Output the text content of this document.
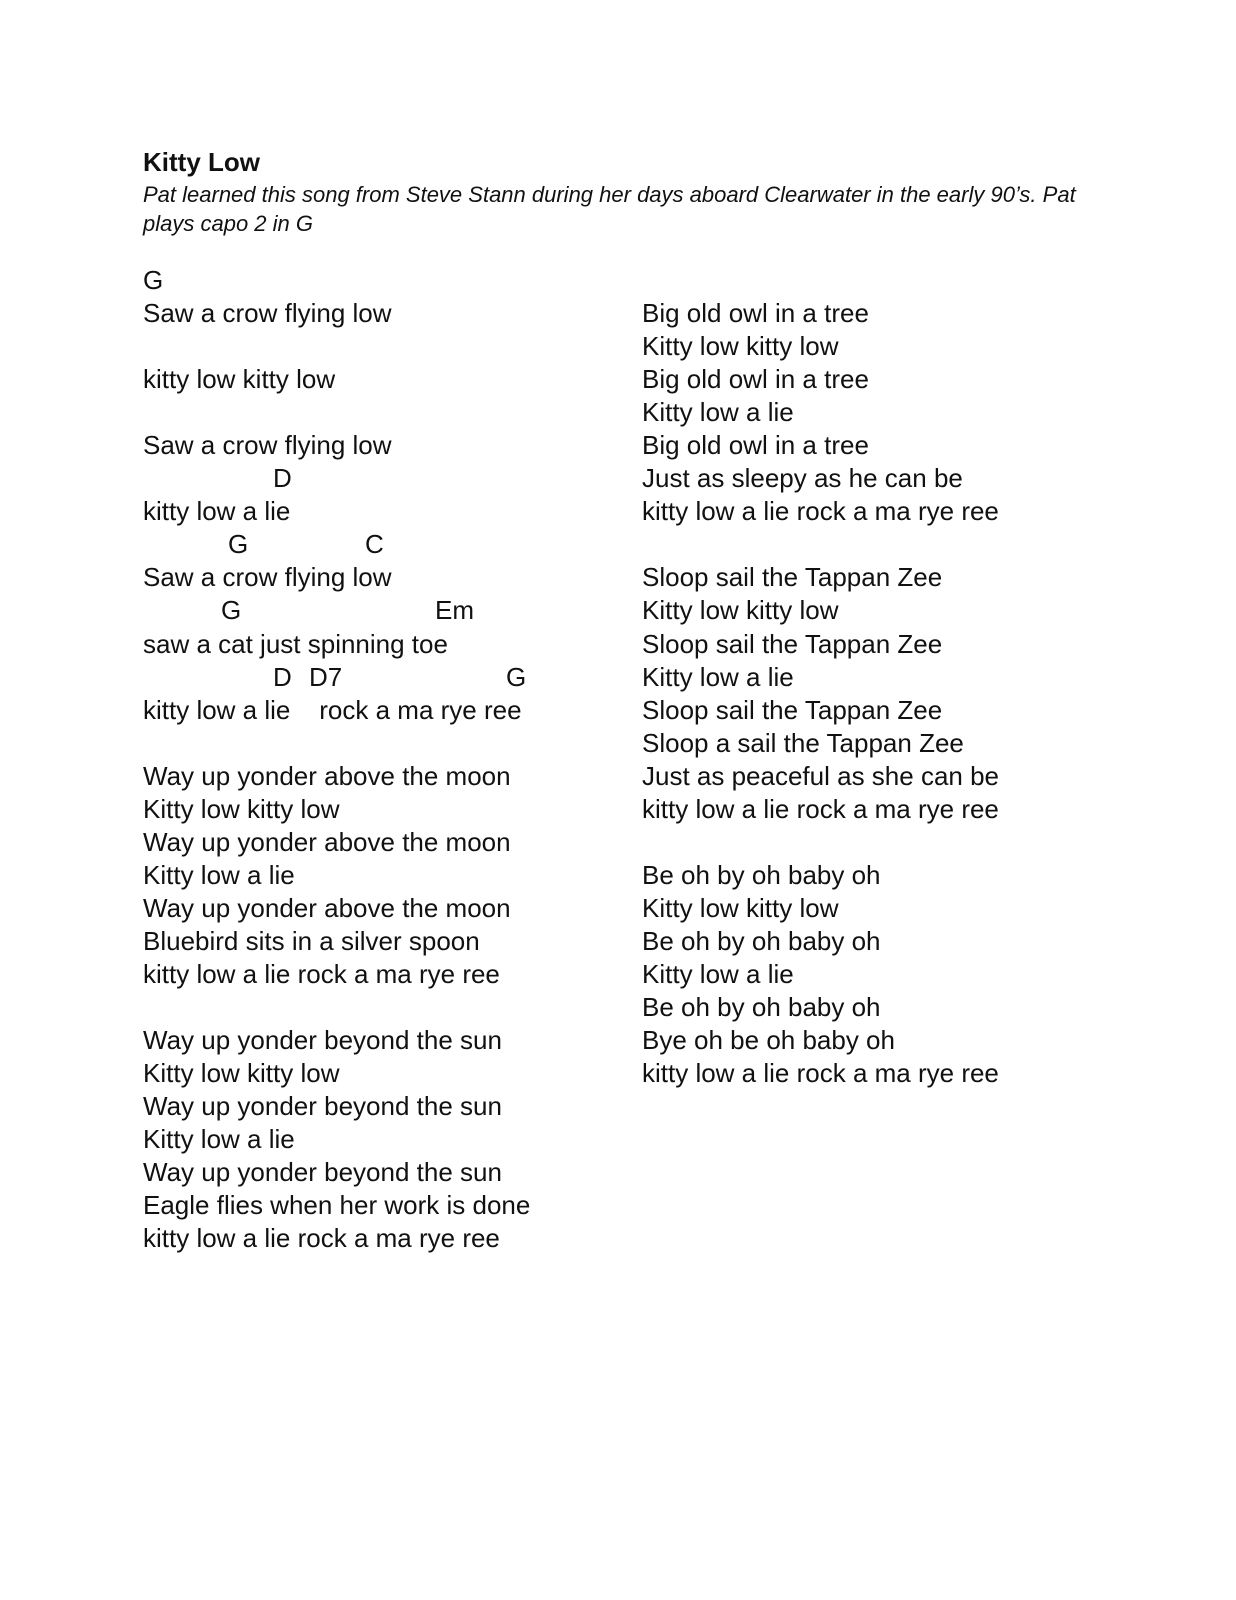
Kitty Low

Pat learned this song from Steve Stann during her days aboard Clearwater in the early 90’s. Pat plays capo 2 in G

G
Saw a crow flying low
kitty low kitty low
Saw a crow flying low
D
kitty low a lie
G	C
Saw a crow flying low
G	Em
saw a cat just spinning toe
D D7	G
kitty low a lie    rock a ma rye ree
Way up yonder above the moon
Kitty low kitty low
Way up yonder above the moon
Kitty low a lie
Way up yonder above the moon
Bluebird sits in a silver spoon
kitty low a lie rock a ma rye ree
Way up yonder beyond the sun
Kitty low kitty low
Way up yonder beyond the sun
Kitty low a lie
Way up yonder beyond the sun
Eagle flies when her work is done
kitty low a lie rock a ma rye ree
Big old owl in a tree
Kitty low kitty low
Big old owl in a tree
Kitty low a lie
Big old owl in a tree
Just as sleepy as he can be
kitty low a lie rock a ma rye ree
Sloop sail the Tappan Zee
Kitty low kitty low
Sloop sail the Tappan Zee
Kitty low a lie
Sloop sail the Tappan Zee
Sloop a sail the Tappan Zee
Just as peaceful as she can be
kitty low a lie rock a ma rye ree
Be oh by oh baby oh
Kitty low kitty low
Be oh by oh baby oh
Kitty low a lie
Be oh by oh baby oh
Bye oh be oh baby oh
kitty low a lie rock a ma rye ree
